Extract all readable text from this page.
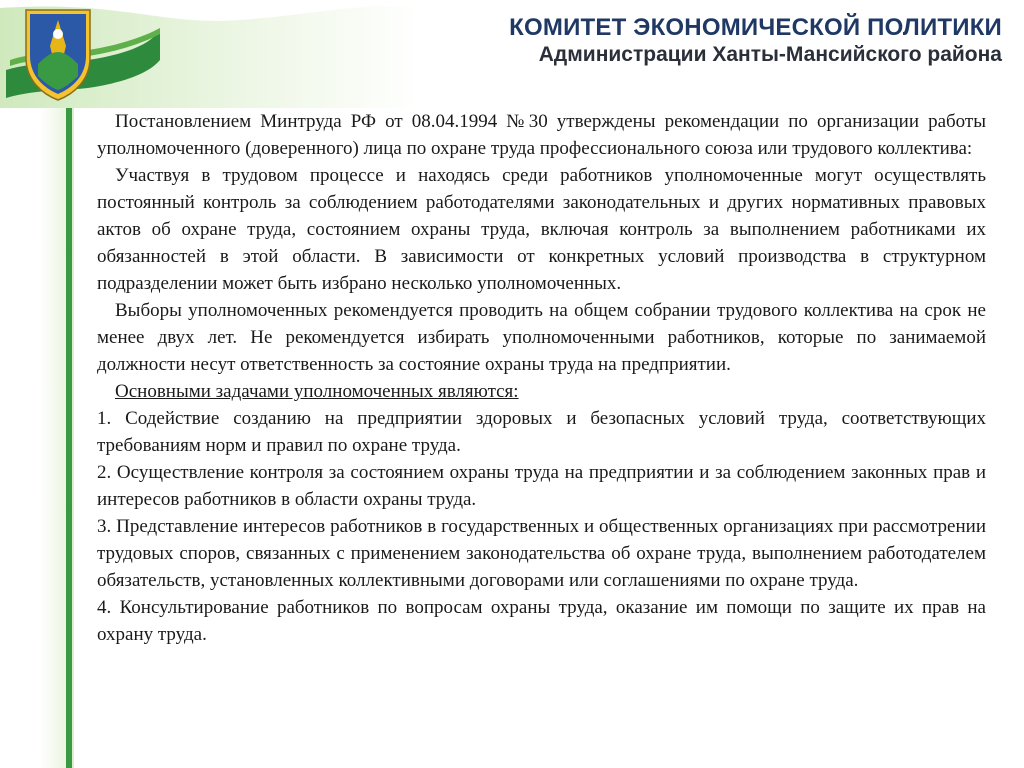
КОМИТЕТ ЭКОНОМИЧЕСКОЙ ПОЛИТИКИ
Администрации Ханты-Мансийского района

Постановлением Минтруда РФ от 08.04.1994 №30 утверждены рекомендации по организации работы уполномоченного (доверенного) лица по охране труда профессионального союза или трудового коллектива:

Участвуя в трудовом процессе и находясь среди работников уполномоченные могут осуществлять постоянный контроль за соблюдением работодателями законодательных и других нормативных правовых актов об охране труда, состоянием охраны труда, включая контроль за выполнением работниками их обязанностей в этой области. В зависимости от конкретных условий производства в структурном подразделении может быть избрано несколько уполномоченных.

Выборы уполномоченных рекомендуется проводить на общем собрании трудового коллектива на срок не менее двух лет. Не рекомендуется избирать уполномоченными работников, которые по занимаемой должности несут ответственность за состояние охраны труда на предприятии.

Основными задачами уполномоченных являются:

1. Содействие созданию на предприятии здоровых и безопасных условий труда, соответствующих требованиям норм и правил по охране труда.

2. Осуществление контроля за состоянием охраны труда на предприятии и за соблюдением законных прав и интересов работников в области охраны труда.

3. Представление интересов работников в государственных и общественных организациях при рассмотрении трудовых споров, связанных с применением законодательства об охране труда, выполнением работодателем обязательств, установленных коллективными договорами или соглашениями по охране труда.

4. Консультирование работников по вопросам охраны труда, оказание им помощи по защите их прав на охрану труда.
